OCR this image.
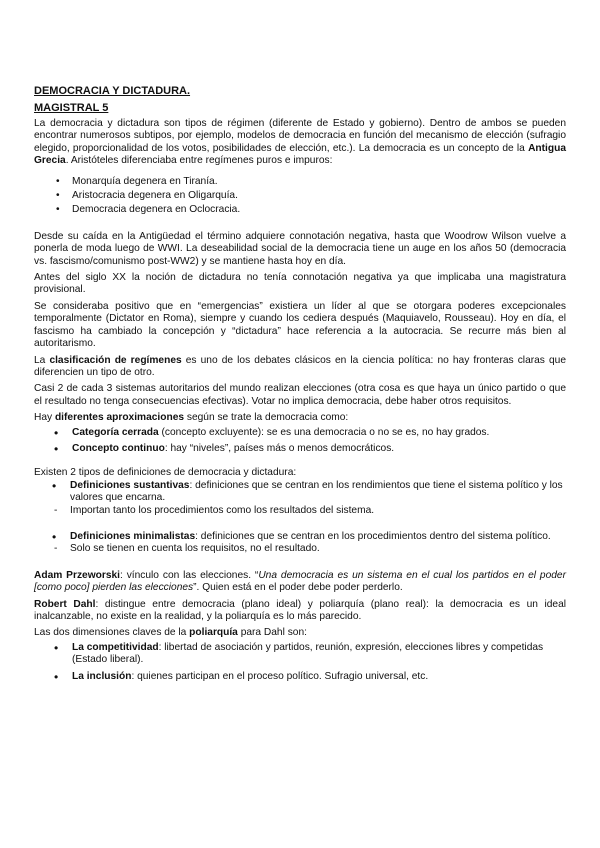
DEMOCRACIA Y DICTADURA.
MAGISTRAL 5

La democracia y dictadura son tipos de régimen (diferente de Estado y gobierno). Dentro de ambos se pueden encontrar numerosos subtipos, por ejemplo, modelos de democracia en función del mecanismo de elección (sufragio elegido, proporcionalidad de los votos, posibilidades de elección, etc.). La democracia es un concepto de la Antigua Grecia. Aristóteles diferenciaba entre regímenes puros e impuros:

• Monarquía degenera en Tiranía.
• Aristocracia degenera en Oligarquía.
• Democracia degenera en Oclocracia.

Desde su caída en la Antigüedad el término adquiere connotación negativa, hasta que Woodrow Wilson vuelve a ponerla de moda luego de WWI. La deseabilidad social de la democracia tiene un auge en los años 50 (democracia vs. fascismo/comunismo post-WW2) y se mantiene hasta hoy en día.

Antes del siglo XX la noción de dictadura no tenía connotación negativa ya que implicaba una magistratura provisional.

Se consideraba positivo que en “emergencias” existiera un líder al que se otorgara poderes excepcionales temporalmente (Dictator en Roma), siempre y cuando los cediera después (Maquiavelo, Rousseau). Hoy en día, el fascismo ha cambiado la concepción y “dictadura” hace referencia a la autocracia. Se recurre más bien al autoritarismo.

La clasificación de regímenes es uno de los debates clásicos en la ciencia política: no hay fronteras claras que diferencien un tipo de otro.

Casi 2 de cada 3 sistemas autoritarios del mundo realizan elecciones (otra cosa es que haya un único partido o que el resultado no tenga consecuencias efectivas). Votar no implica democracia, debe haber otros requisitos.

Hay diferentes aproximaciones según se trate la democracia como:

• Categoría cerrada (concepto excluyente): se es una democracia o no se es, no hay grados.
• Concepto continuo: hay “niveles”, países más o menos democráticos.

Existen 2 tipos de definiciones de democracia y dictadura:

• Definiciones sustantivas: definiciones que se centran en los rendimientos que tiene el sistema político y los valores que encarna.
- Importan tanto los procedimientos como los resultados del sistema.
• Definiciones minimalistas: definiciones que se centran en los procedimientos dentro del sistema político.
- Solo se tienen en cuenta los requisitos, no el resultado.

Adam Przeworski: vínculo con las elecciones. “Una democracia es un sistema en el cual los partidos en el poder [como poco] pierden las elecciones”. Quien está en el poder debe poder perderlo.

Robert Dahl: distingue entre democracia (plano ideal) y poliarquía (plano real): la democracia es un ideal inalcanzable, no existe en la realidad, y la poliarquía es lo más parecido.

Las dos dimensiones claves de la poliarquía para Dahl son:

• La competitividad: libertad de asociación y partidos, reunión, expresión, elecciones libres y competidas (Estado liberal).
• La inclusión: quienes participan en el proceso político. Sufragio universal, etc.
